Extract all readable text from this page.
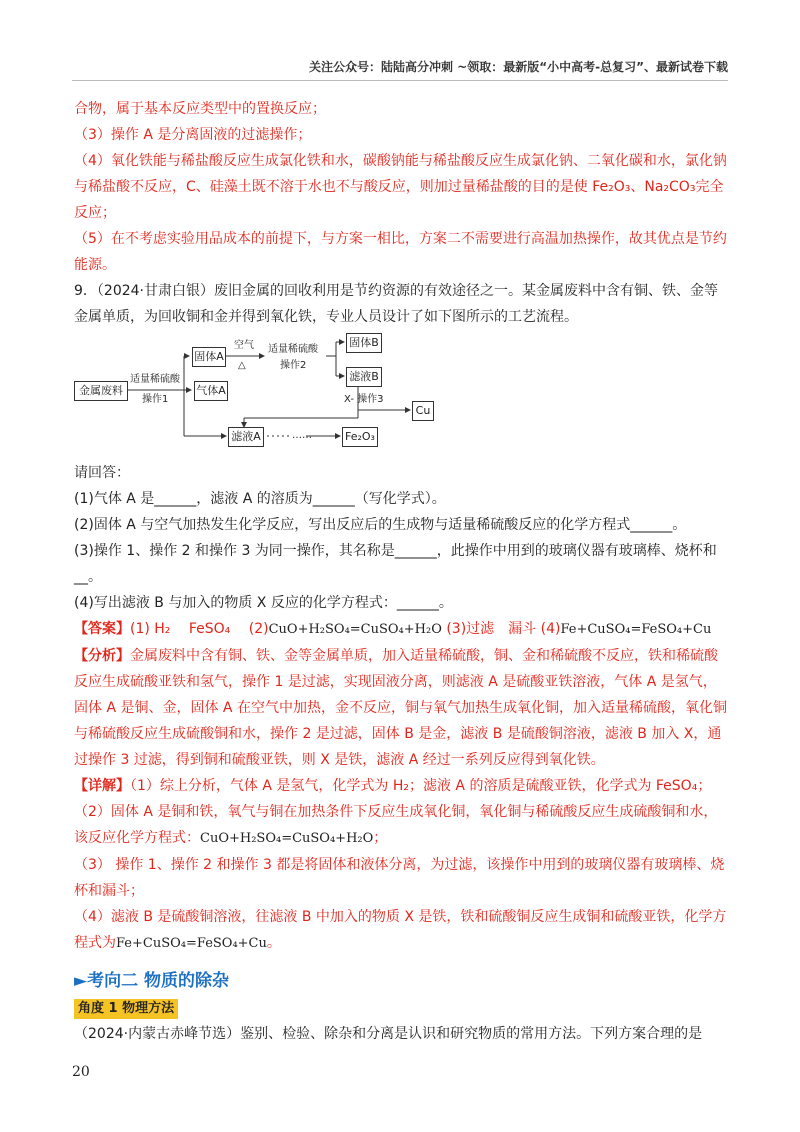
关注公众号：陆陆高分冲刺 ~领取：最新版“小中高考-总复习”、最新试卷下载

合物，属于基本反应类型中的置换反应；

（3）操作 A 是分离固液的过滤操作；

（4）氧化铁能与稀盐酸反应生成氯化铁和水，碳酸钠能与稀盐酸反应生成氯化钠、二氧化碳和水，氯化钠与稀盐酸不反应，C、硅藻土既不溶于水也不与酸反应，则加过量稀盐酸的目的是使 Fe₂O₃、Na₂CO₃完全反应；

（5）在不考虑实验用品成本的前提下，与方案一相比，方案二不需要进行高温加热操作，故其优点是节约能源。

9．（2024·甘肃白银）废旧金属的回收利用是节约资源的有效途径之一。某金属废料中含有铜、铁、金等金属单质，为回收铜和金并得到氧化铁，专业人员设计了如下图所示的工艺流程。

金属废料
适量稀硫酸
操作1
固体A
气体A
滤液A
空气
△
适量稀硫酸
操作2
固体B
滤液B
X- 操作3
Cu
……	Fe₂O₃

请回答：

(1)气体 A 是______，滤液 A 的溶质为______（写化学式）。

(2)固体 A 与空气加热发生化学反应，写出反应后的生成物与适量稀硫酸反应的化学方程式______。

(3)操作 1、操作 2 和操作 3 为同一操作，其名称是______，此操作中用到的玻璃仪器有玻璃棒、烧杯和__。

(4)写出滤液 B 与加入的物质 X 反应的化学方程式：______。

【答案】(1) H₂　 FeSO₄　 (2)CuO+H₂SO₄=CuSO₄+H₂O (3)过滤　漏斗 (4)Fe+CuSO₄=FeSO₄+Cu

【分析】金属废料中含有铜、铁、金等金属单质，加入适量稀硫酸，铜、金和稀硫酸不反应，铁和稀硫酸反应生成硫酸亚铁和氢气，操作 1 是过滤，实现固液分离，则滤液 A 是硫酸亚铁溶液，气体 A 是氢气，固体 A 是铜、金，固体 A 在空气中加热，金不反应，铜与氧气加热生成氧化铜，加入适量稀硫酸，氧化铜与稀硫酸反应生成硫酸铜和水，操作 2 是过滤，固体 B 是金，滤液 B 是硫酸铜溶液，滤液 B 加入 X，通过操作 3 过滤，得到铜和硫酸亚铁，则 X 是铁，滤液 A 经过一系列反应得到氧化铁。

【详解】（1）综上分析，气体 A 是氢气，化学式为 H₂；滤液 A 的溶质是硫酸亚铁，化学式为 FeSO₄；

（2）固体 A 是铜和铁，氧气与铜在加热条件下反应生成氧化铜，氧化铜与稀硫酸反应生成硫酸铜和水，该反应化学方程式：CuO+H₂SO₄=CuSO₄+H₂O；

（3） 操作 1、操作 2 和操作 3 都是将固体和液体分离，为过滤，该操作中用到的玻璃仪器有玻璃棒、烧杯和漏斗；

（4）滤液 B 是硫酸铜溶液，往滤液 B 中加入的物质 X 是铁，铁和硫酸铜反应生成铜和硫酸亚铁，化学方程式为Fe+CuSO₄=FeSO₄+Cu。

►考向二 物质的除杂
角度 1 物理方法

（2024·内蒙古赤峰节选）鉴别、检验、除杂和分离是认识和研究物质的常用方法。下列方案合理的是

20
